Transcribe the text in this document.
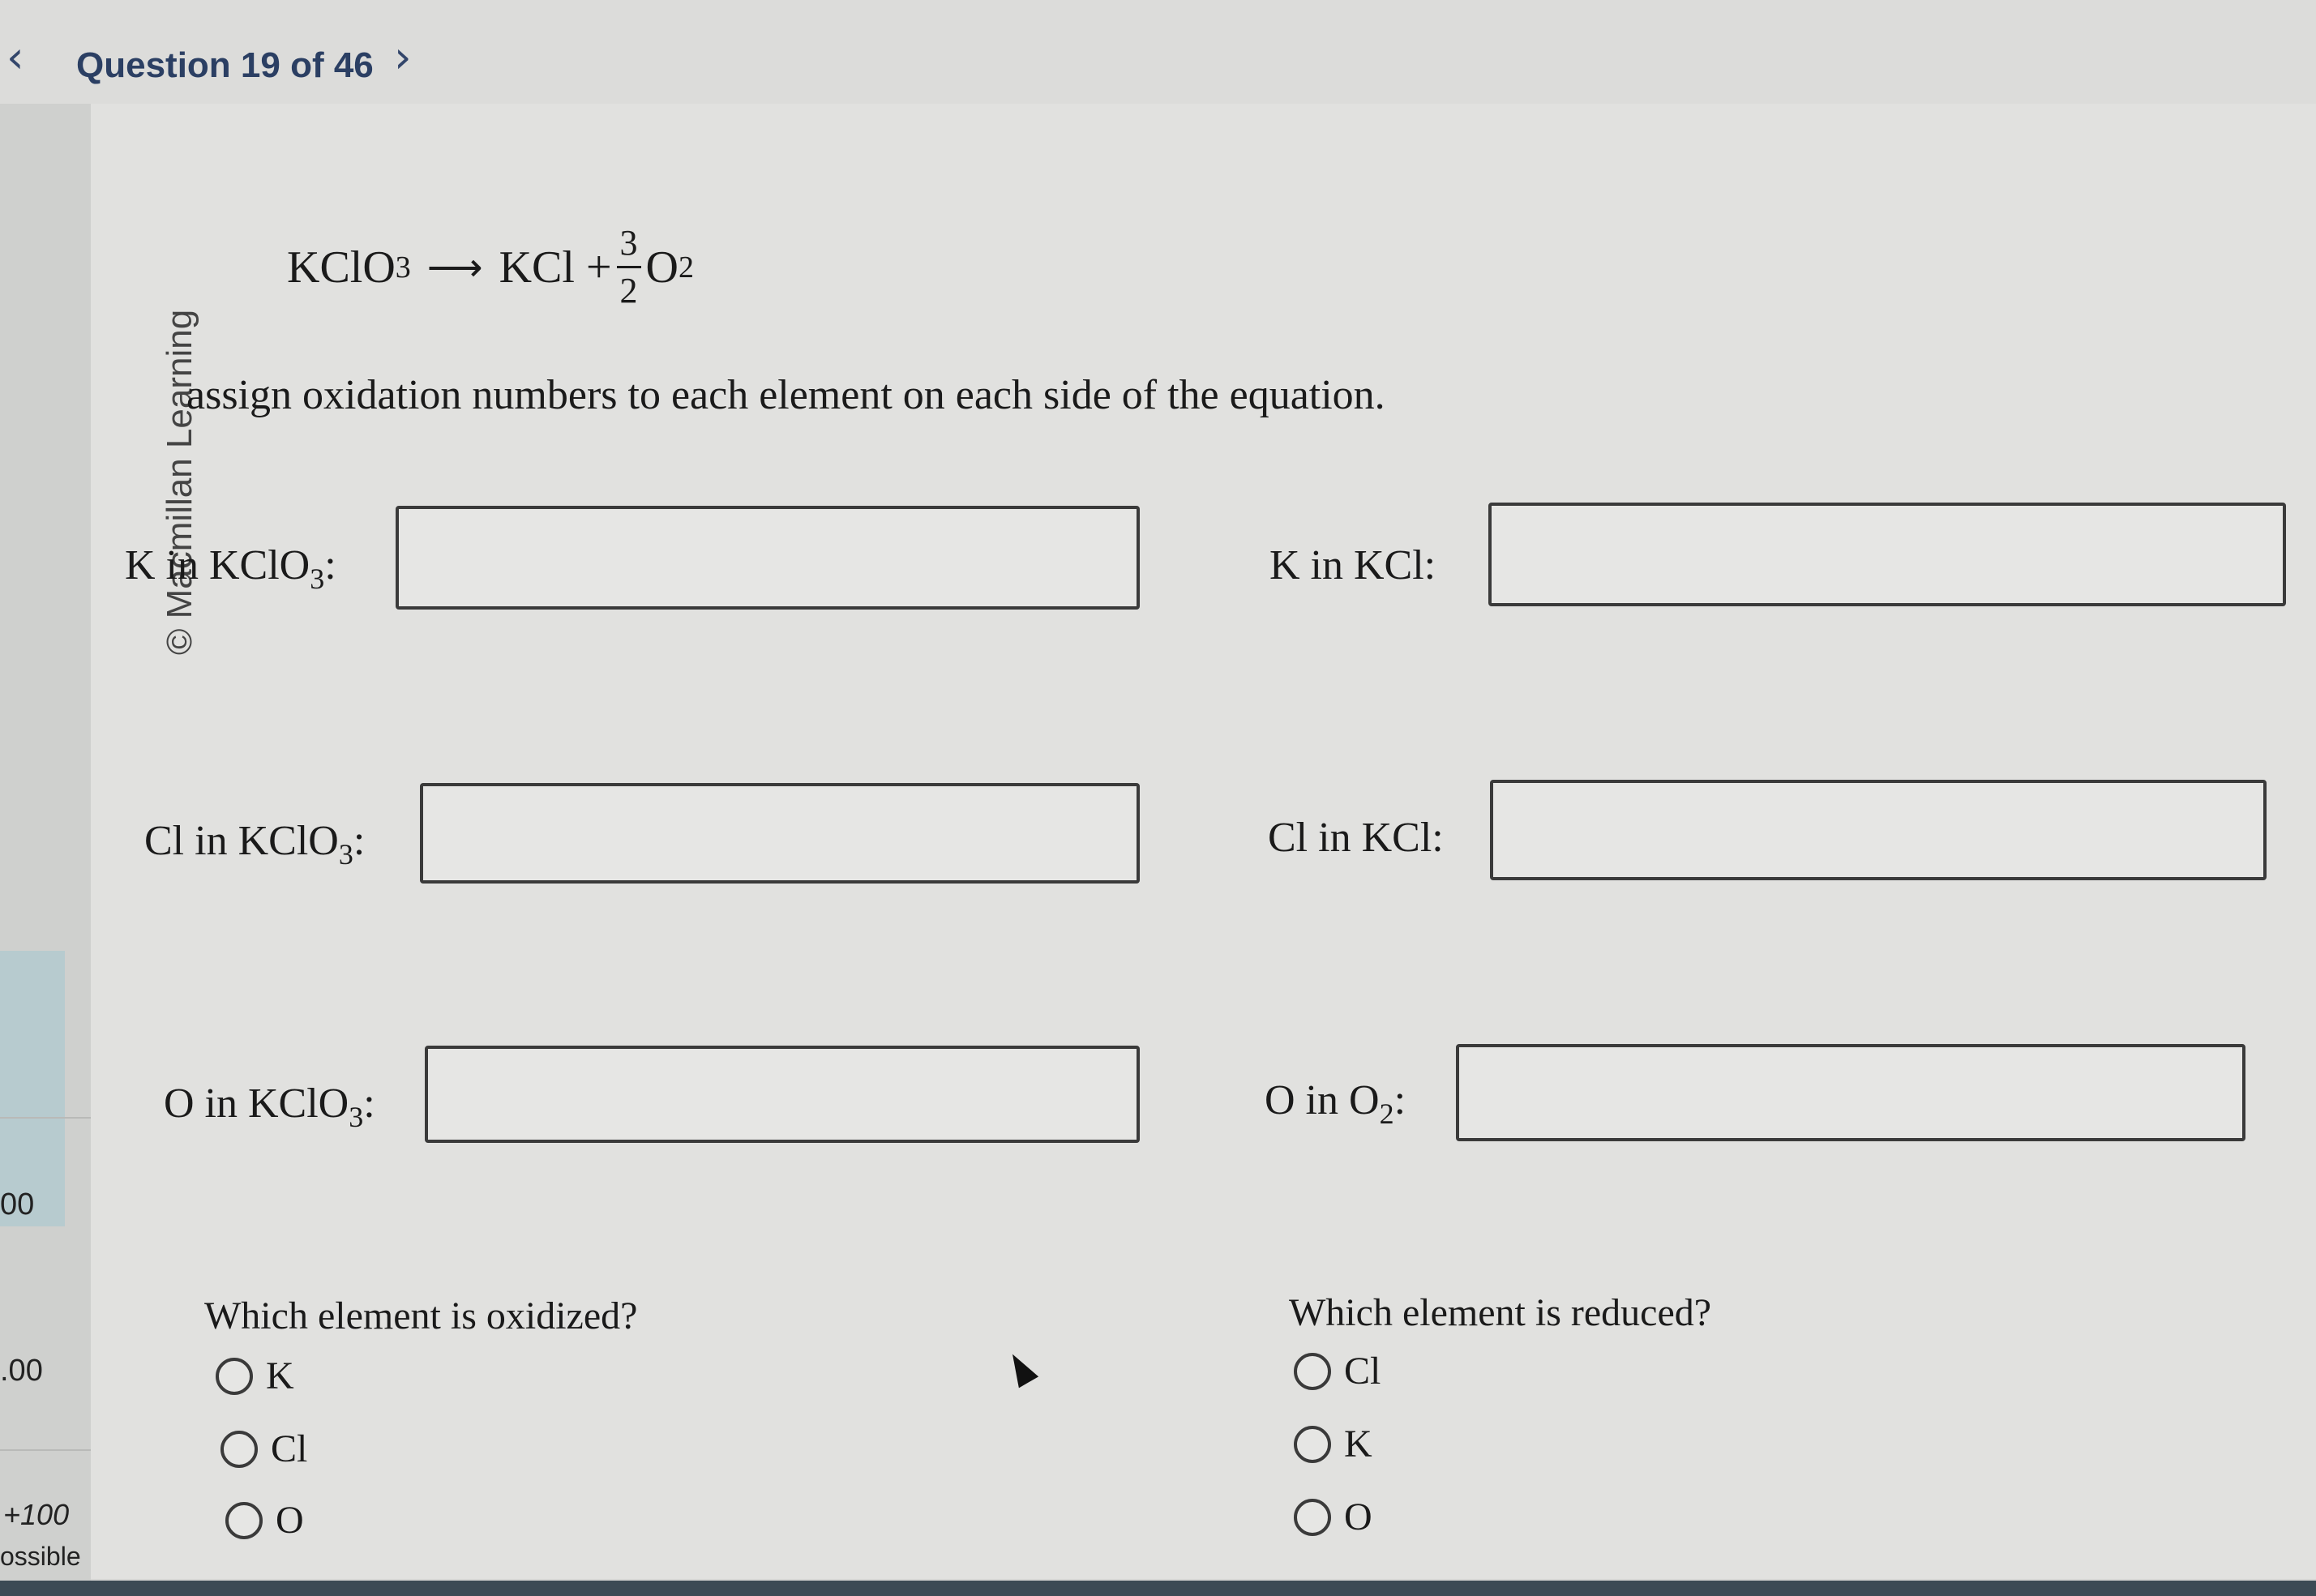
‹ Question 19 of 46 ›
00
.00
+100
ossible
© Macmillan Learning
KClO 3 ⟶ KCl + $\frac{3}{2}$ O 2
assign oxidation numbers to each element on each side of the equation.
K in KClO$_3$:	K in KCl:
Cl in KClO$_3$:	Cl in KCl:
O in KClO$_3$:	O in $O_2$:
Which element is oxidized?
K
Cl
O
Which element is reduced?
Cl
K
O
